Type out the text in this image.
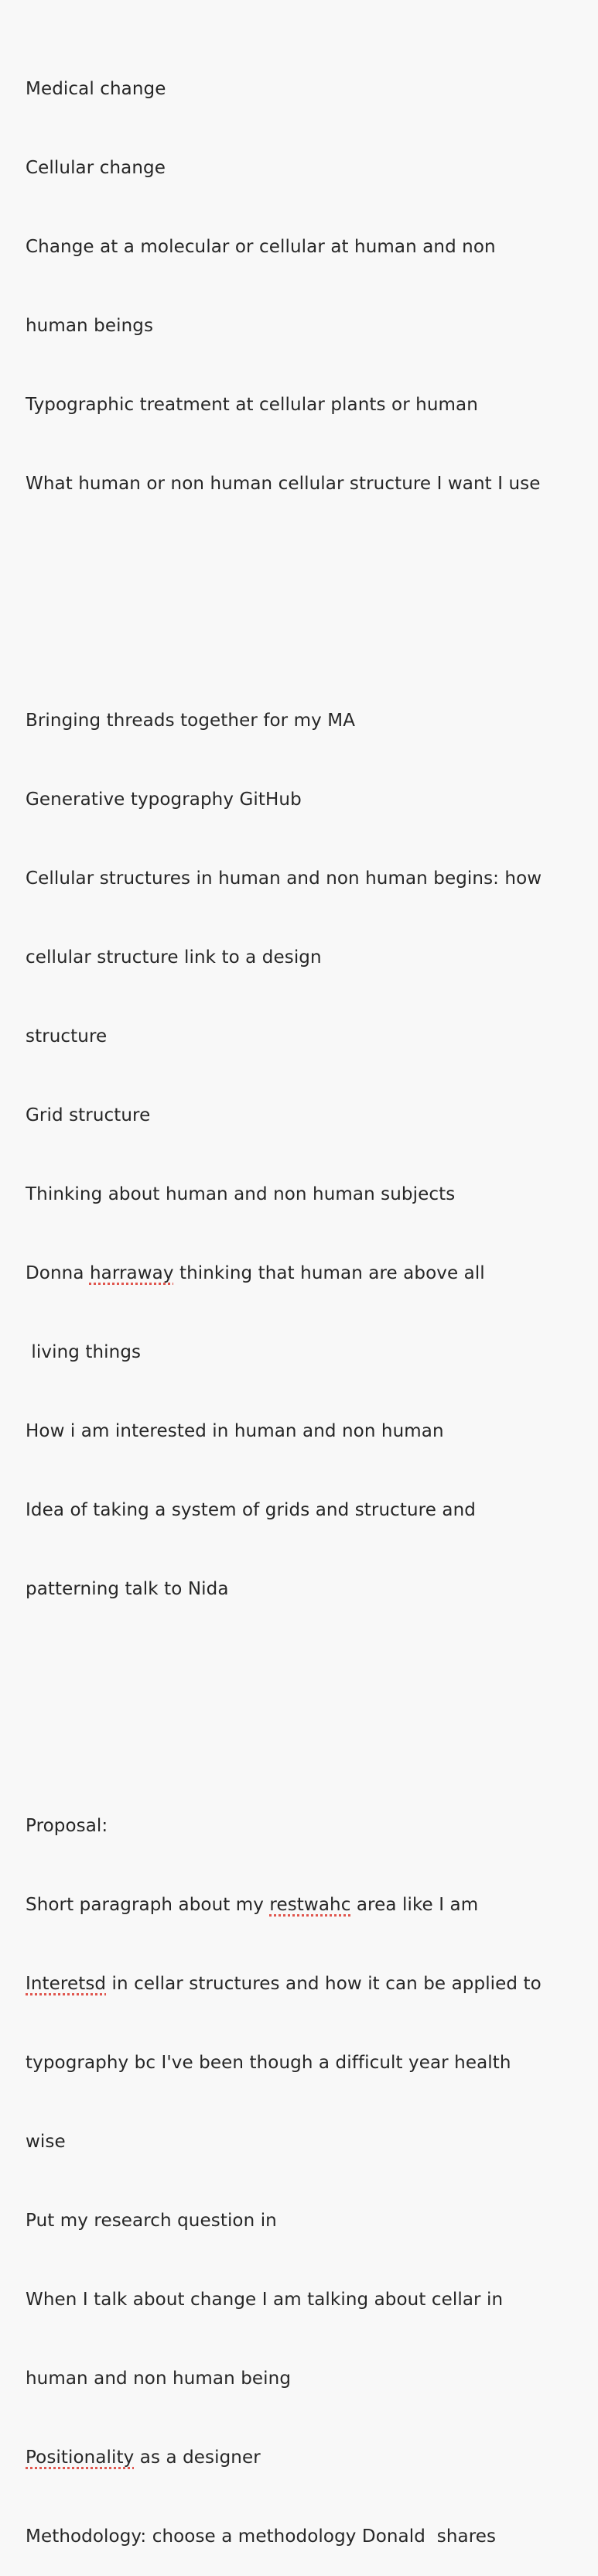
Medical change

Cellular change

Change at a molecular or cellular at human and non

human beings

Typographic treatment at cellular plants or human

What human or non human cellular structure I want I use

Bringing threads together for my MA

Generative typography GitHub

Cellular structures in human and non human begins: how

cellular structure link to a design

structure

Grid structure

Thinking about human and non human subjects

Donna harraway thinking that human are above all

living things

How i am interested in human and non human

Idea of taking a system of grids and structure and

patterning talk to Nida

Proposal:

Short paragraph about my restwahc area like I am

Interetsd in cellar structures and how it can be applied to

typography bc I've been though a difficult year health

wise

Put my research question in

When I talk about change I am talking about cellar in

human and non human being

Positionality as a designer

Methodology: choose a methodology Donald  shares
